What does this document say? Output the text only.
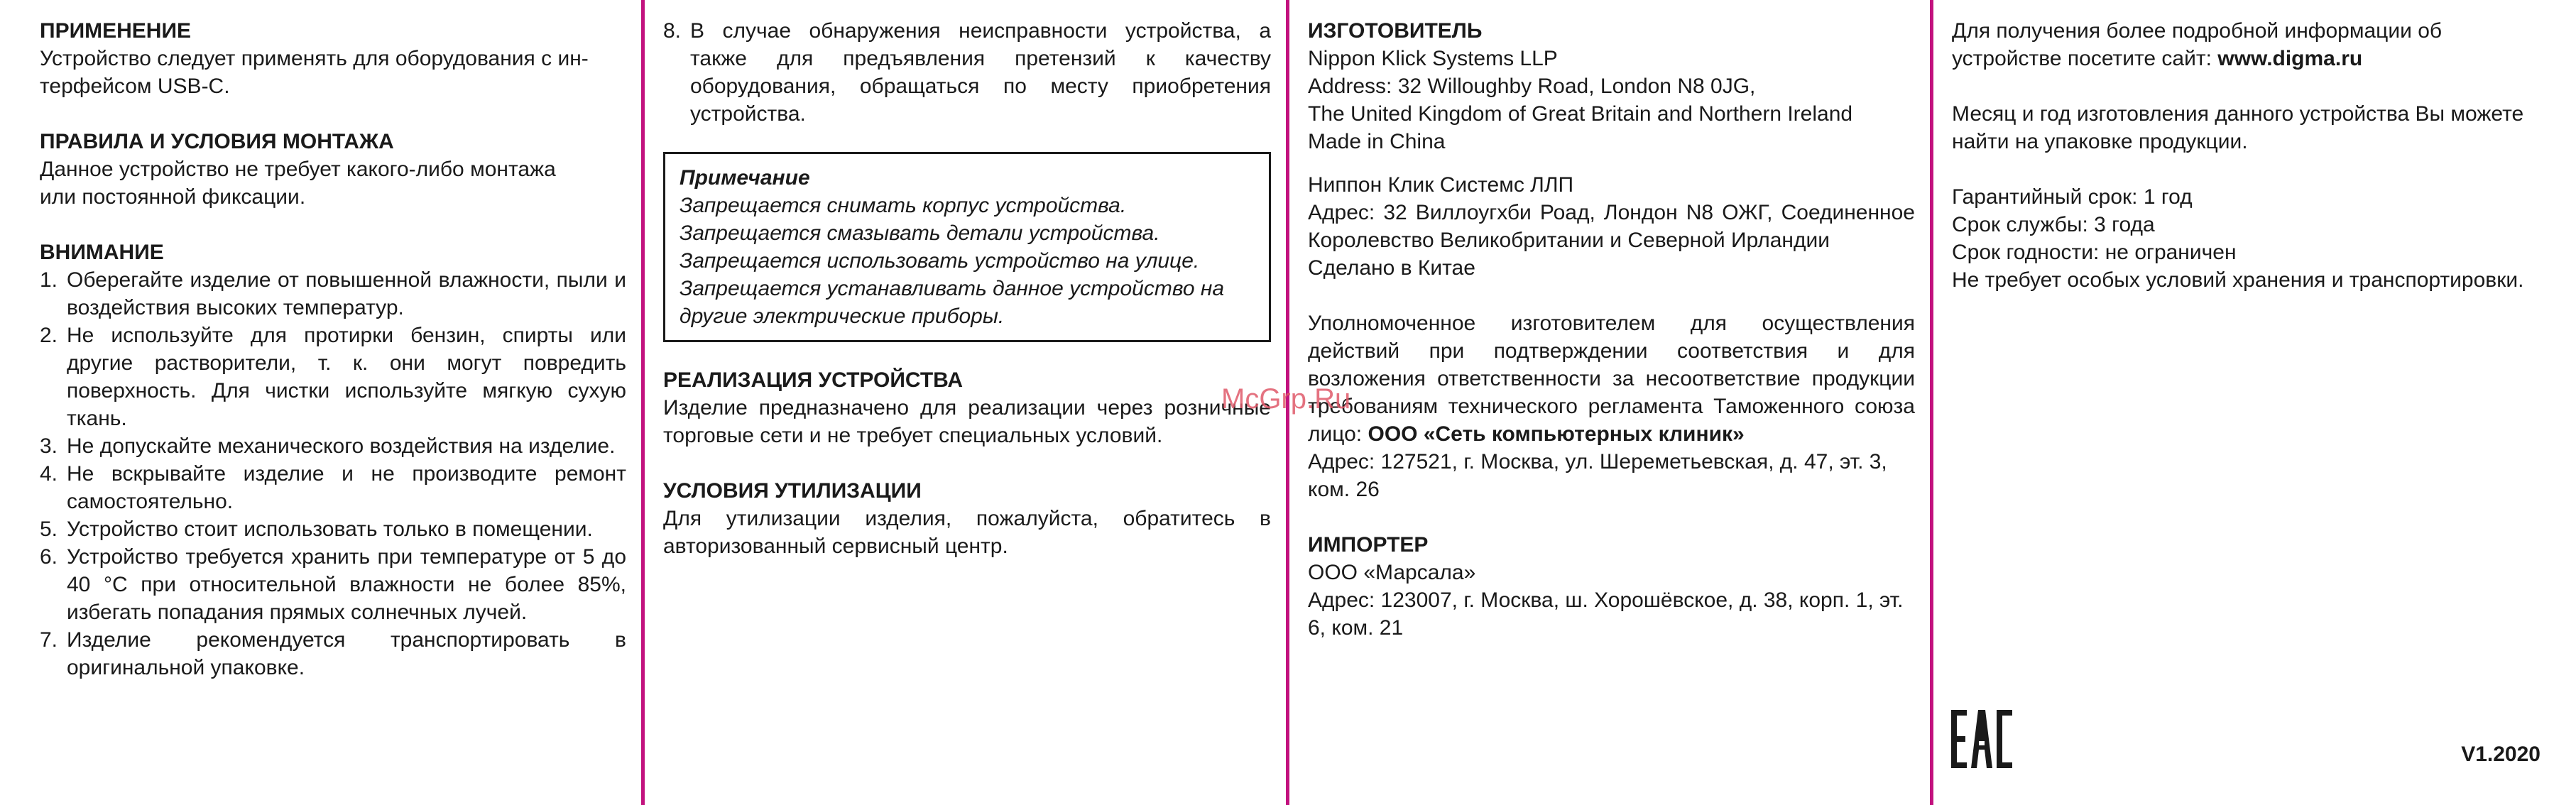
ПРИМЕНЕНИЕ

Устройство следует применять для оборудования с ин-

терфейсом USB-C.

ПРАВИЛА И УСЛОВИЯ МОНТАЖА

Данное устройство не требует какого-либо монтажа

или постоянной фиксации.

ВНИМАНИЕ

1. Оберегайте изделие от повышенной влажности, пыли и воздействия высоких температур.
2. Не используйте для протирки бензин, спирты или другие растворители, т. к. они могут повредить поверхность. Для чистки используйте мягкую сухую ткань.
3. Не допускайте механического воздействия на изделие.
4. Не вскрывайте изделие и не производите ремонт самостоятельно.
5. Устройство стоит использовать только в помещении.
6. Устройство требуется хранить при температуре от 5 до 40 °С при относительной влажности не более 85%, избегать попадания прямых солнечных лучей.
7. Изделие рекомендуется транспортировать в оригинальной упаковке.
8. В случае обнаружения неисправности устройства, а также для предъявления претензий к качеству оборудования, обращаться по месту приобретения устройства.

Примечание

Запрещается снимать корпус устройства.

Запрещается смазывать детали устройства.

Запрещается использовать устройство на улице.

Запрещается устанавливать данное устройство на

другие электрические приборы.

РЕАЛИЗАЦИЯ УСТРОЙСТВА

Изделие предназначено для реализации через розничные торговые сети и не требует специальных условий.

УСЛОВИЯ УТИЛИЗАЦИИ

Для утилизации изделия, пожалуйста, обратитесь в авторизованный сервисный центр.

ИЗГОТОВИТЕЛЬ

Nippon Klick Systems LLP

Address: 32 Willoughby Road, London N8 0JG,

The United Kingdom of Great Britain and Northern Ireland

Made in China

Ниппон Клик Системс ЛЛП

Адрес: 32 Виллоугхби Роад, Лондон N8 ОЖГ, Соединенное Королевство Великобритании и Северной Ирландии

Сделано в Китае

Уполномоченное изготовителем для осуществления действий при подтверждении соответствия и для возложения ответственности за несоответствие продукции требованиям технического регламента Таможенного союза лицо: ООО «Сеть компьютерных клиник»

Адрес: 127521, г. Москва, ул. Шереметьевская, д. 47, эт. 3, ком. 26

ИМПОРТЕР

ООО «Марсала»

Адрес: 123007, г. Москва, ш. Хорошёвское, д. 38, корп. 1, эт. 6, ком. 21

Для получения более подробной информации об устройстве посетите сайт: www.digma.ru

Месяц и год изготовления данного устройства Вы можете найти на упаковке продукции.

Гарантийный срок: 1 год

Срок службы: 3 года

Срок годности: не ограничен

Не требует особых условий хранения и транспортировки.

V1.2020
McGrp.Ru
